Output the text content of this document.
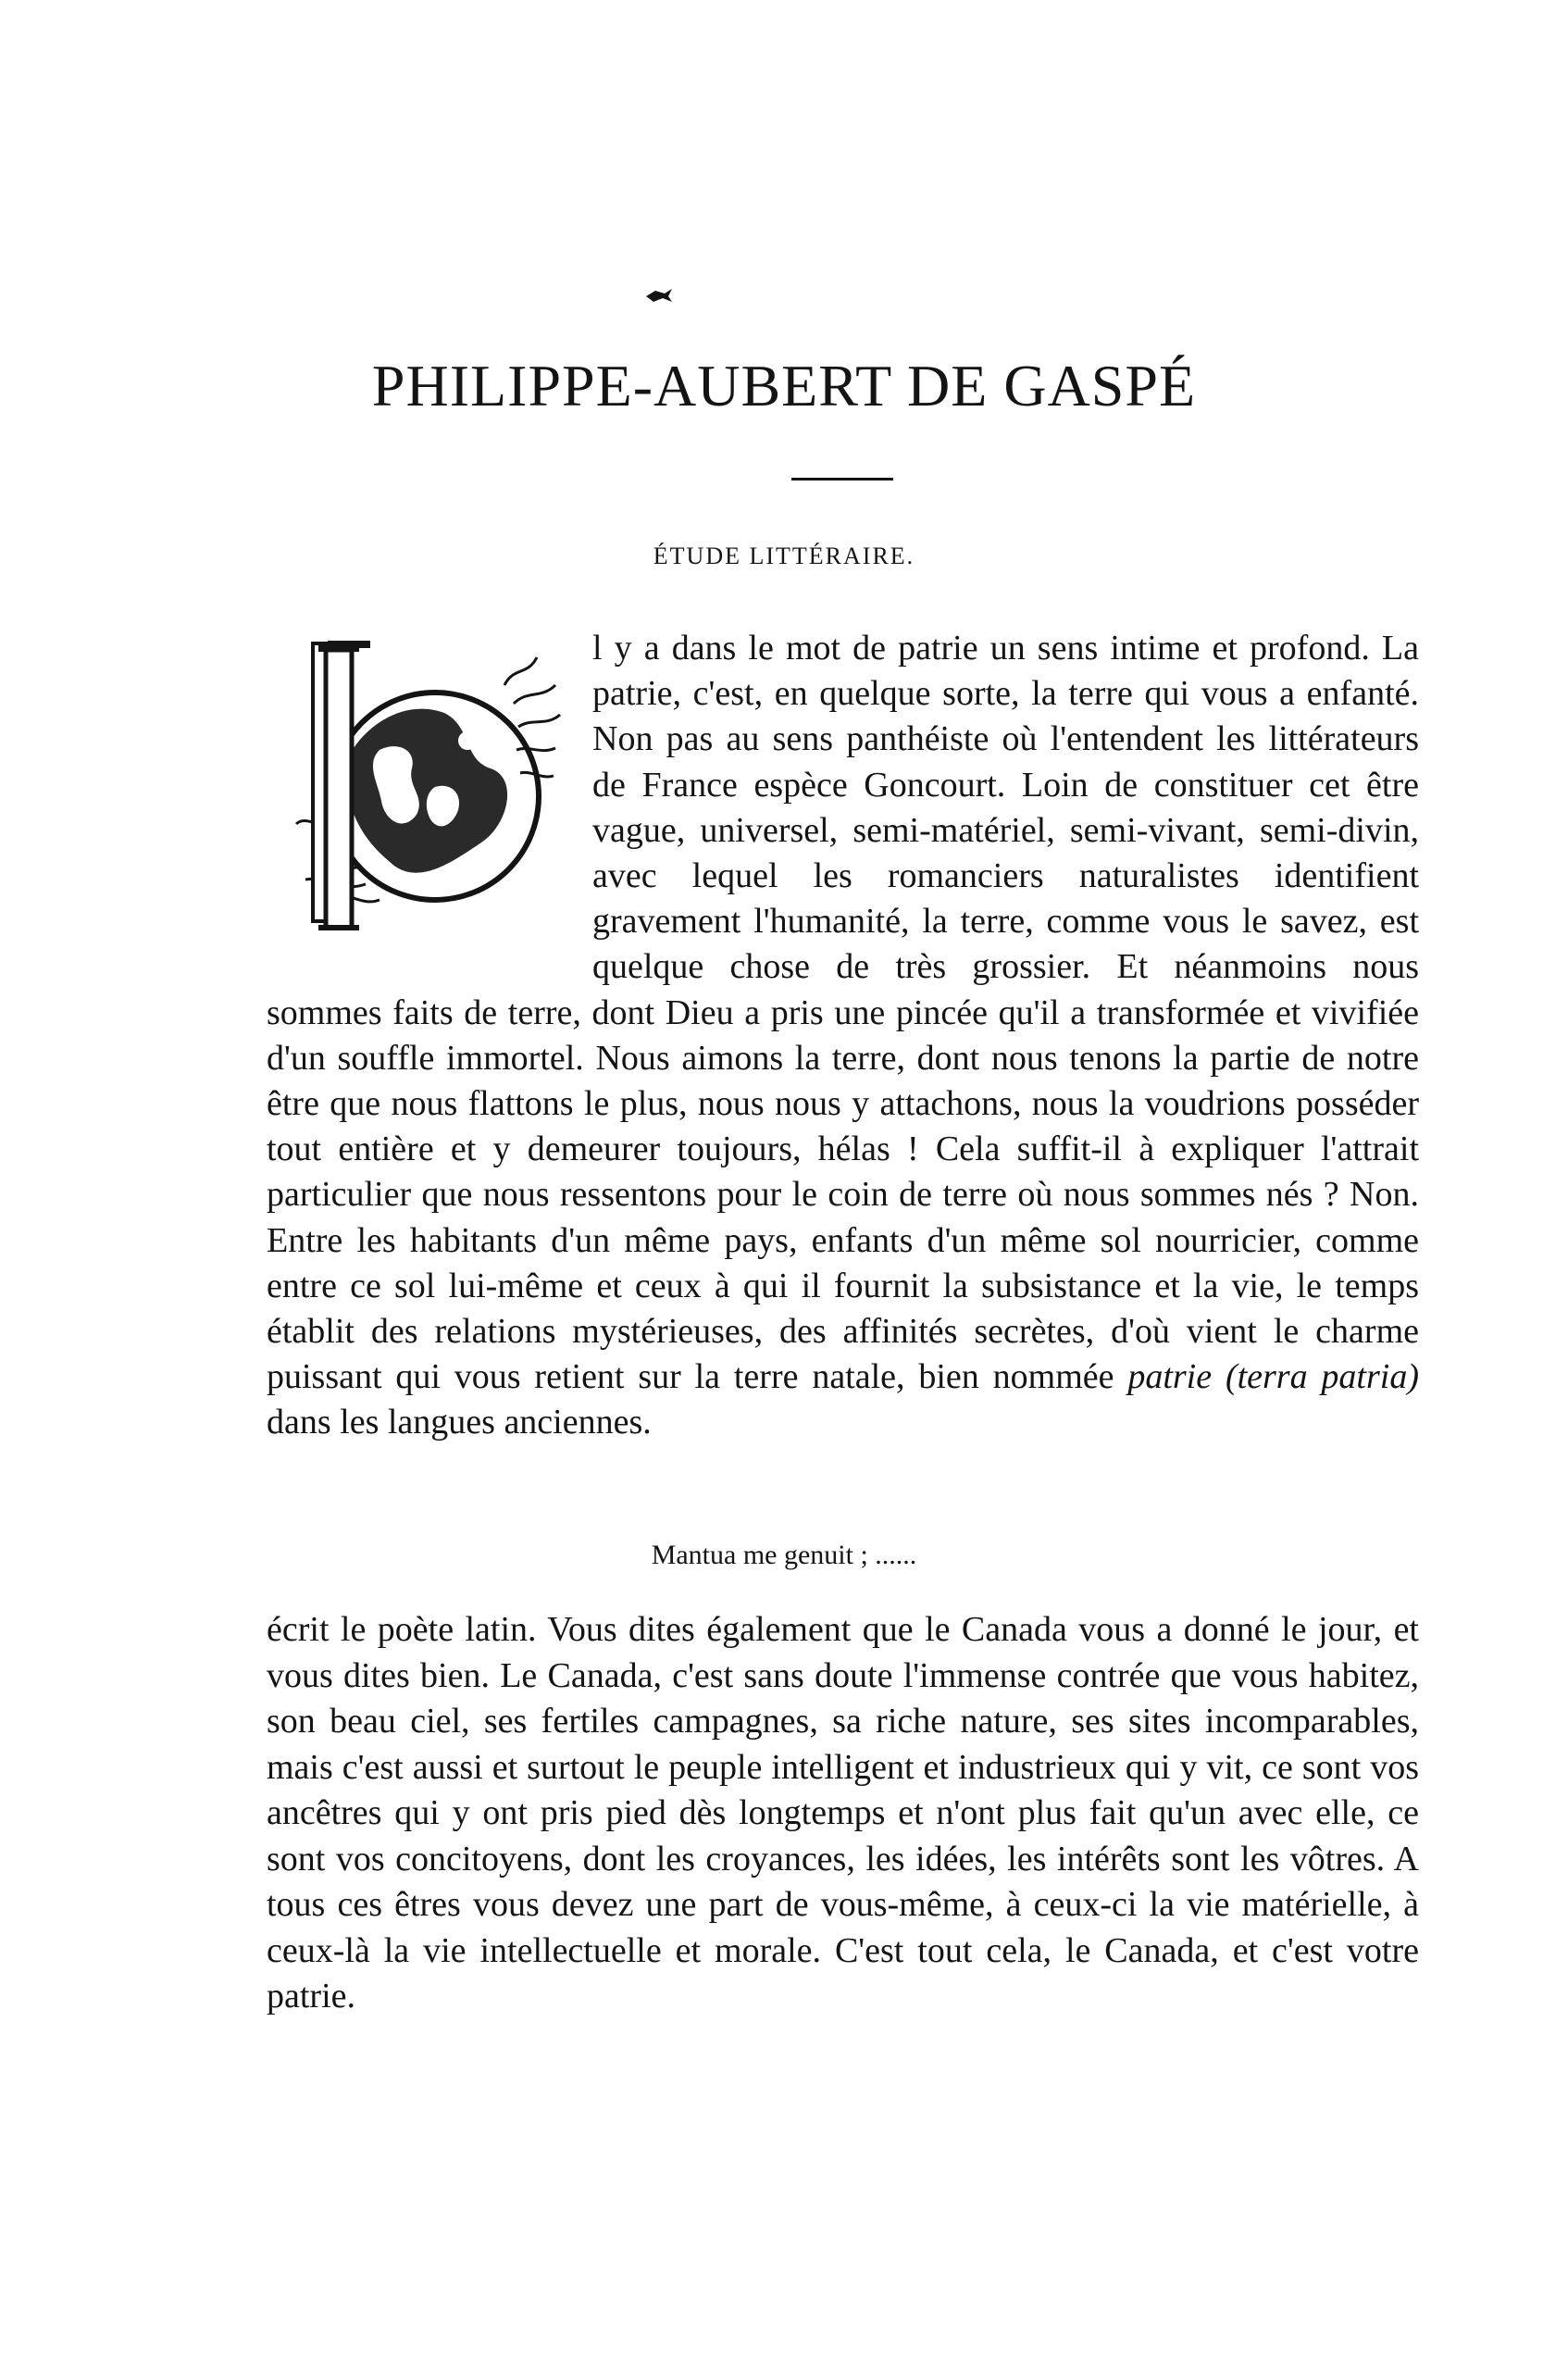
PHILIPPE-AUBERT DE GASPÉ
ÉTUDE LITTÉRAIRE.
I

l y a dans le mot de patrie un sens intime et profond. La patrie, c'est, en quelque sorte, la terre qui vous a enfanté. Non pas au sens panthéiste où l'entendent les littérateurs de France espèce Goncourt. Loin de constituer cet être vague, universel, semi-matériel, semi-vivant, semi-divin, avec lequel les romanciers naturalistes identifient gravement l'humanité, la terre, comme vous le savez, est quelque chose de très grossier. Et néanmoins nous sommes faits de terre, dont Dieu a pris une pincée qu'il a transformée et vivifiée d'un souffle immortel. Nous aimons la terre, dont nous tenons la partie de notre être que nous flattons le plus, nous nous y attachons, nous la voudrions posséder tout entière et y demeurer toujours, hélas ! Cela suffit-il à expliquer l'attrait particulier que nous ressentons pour le coin de terre où nous sommes nés ? Non. Entre les habitants d'un même pays, enfants d'un même sol nourricier, comme entre ce sol lui-même et ceux à qui il fournit la subsistance et la vie, le temps établit des relations mystérieuses, des affinités secrètes, d'où vient le charme puissant qui vous retient sur la terre natale, bien nommée patrie (terra patria) dans les langues anciennes.

Mantua me genuit ; ......

écrit le poète latin. Vous dites également que le Canada vous a donné le jour, et vous dites bien. Le Canada, c'est sans doute l'immense contrée que vous habitez, son beau ciel, ses fertiles campagnes, sa riche nature, ses sites incomparables, mais c'est aussi et surtout le peuple intelligent et industrieux qui y vit, ce sont vos ancêtres qui y ont pris pied dès longtemps et n'ont plus fait qu'un avec elle, ce sont vos concitoyens, dont les croyances, les idées, les intérêts sont les vôtres. A tous ces êtres vous devez une part de vous-même, à ceux-ci la vie matérielle, à ceux-là la vie intellectuelle et morale. C'est tout cela, le Canada, et c'est votre patrie.
